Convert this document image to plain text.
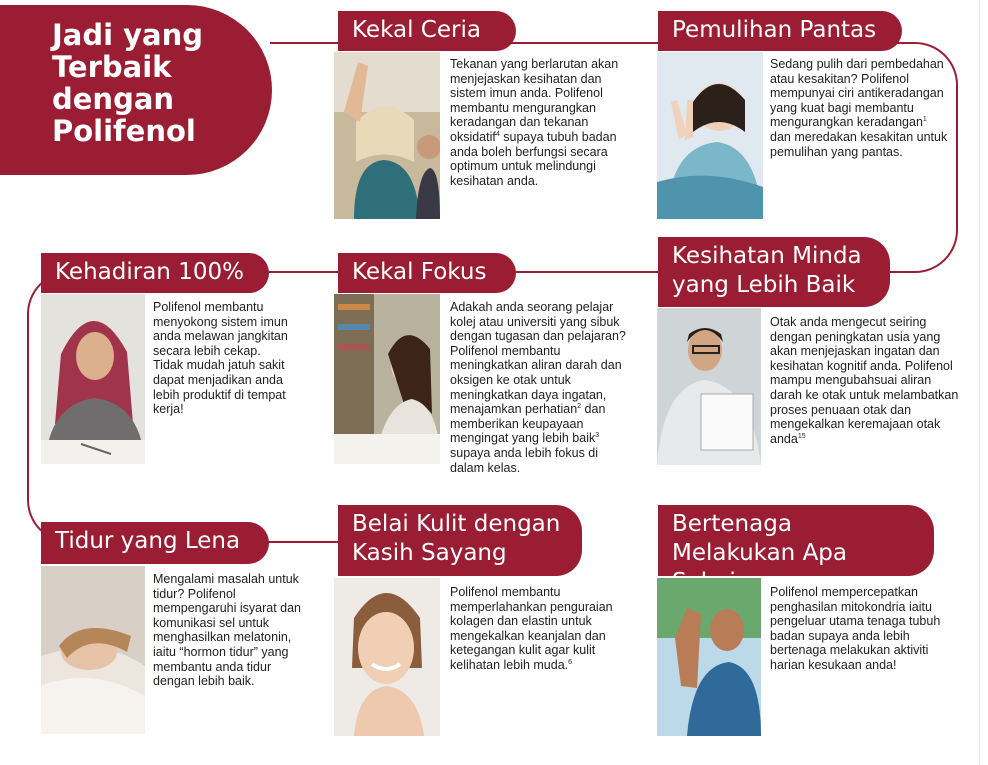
Jadi yang Terbaik dengan Polifenol
Kekal Ceria
Tekanan yang berlarutan akan menjejaskan kesihatan dan sistem imun anda. Polifenol membantu mengurangkan keradangan dan tekanan oksidatif$^4$ supaya tubuh badan anda boleh berfungsi secara optimum untuk melindungi kesihatan anda.
Pemulihan Pantas
Sedang pulih dari pembedahan atau kesakitan? Polifenol mempunyai ciri antikeradangan yang kuat bagi membantu mengurangkan keradangan$^1$ dan meredakan kesakitan untuk pemulihan yang pantas.
Kehadiran 100%
Polifenol membantu menyokong sistem imun anda melawan jangkitan secara lebih cekap. Tidak mudah jatuh sakit dapat menjadikan anda lebih produktif di tempat kerja!
Kekal Fokus
Adakah anda seorang pelajar kolej atau universiti yang sibuk dengan tugasan dan pelajaran? Polifenol membantu meningkatkan aliran darah dan oksigen ke otak untuk meningkatkan daya ingatan, menajamkan perhatian$^2$ dan memberikan keupayaan mengingat yang lebih baik$^3$ supaya anda lebih fokus di dalam kelas.
Kesihatan Minda yang Lebih Baik
Otak anda mengecut seiring dengan peningkatan usia yang akan menjejaskan ingatan dan kesihatan kognitif anda. Polifenol mampu mengubahsuai aliran darah ke otak untuk melambatkan proses penuaan otak dan mengekalkan keremajaan otak anda$^{15}$
Tidur yang Lena
Mengalami masalah untuk tidur? Polifenol mempengaruhi isyarat dan komunikasi sel untuk menghasilkan melatonin, iaitu “hormon tidur” yang membantu anda tidur dengan lebih baik.
Belai Kulit dengan Kasih Sayang
Polifenol membantu memperlahankan penguraian kolagen dan elastin untuk mengekalkan keanjalan dan ketegangan kulit agar kulit kelihatan lebih muda.$^6$
Bertenaga Melakukan Apa
Polifenol mempercepatkan penghasilan mitokondria iaitu pengeluar utama tenaga tubuh badan supaya anda lebih bertenaga melakukan aktiviti harian kesukaan anda!
